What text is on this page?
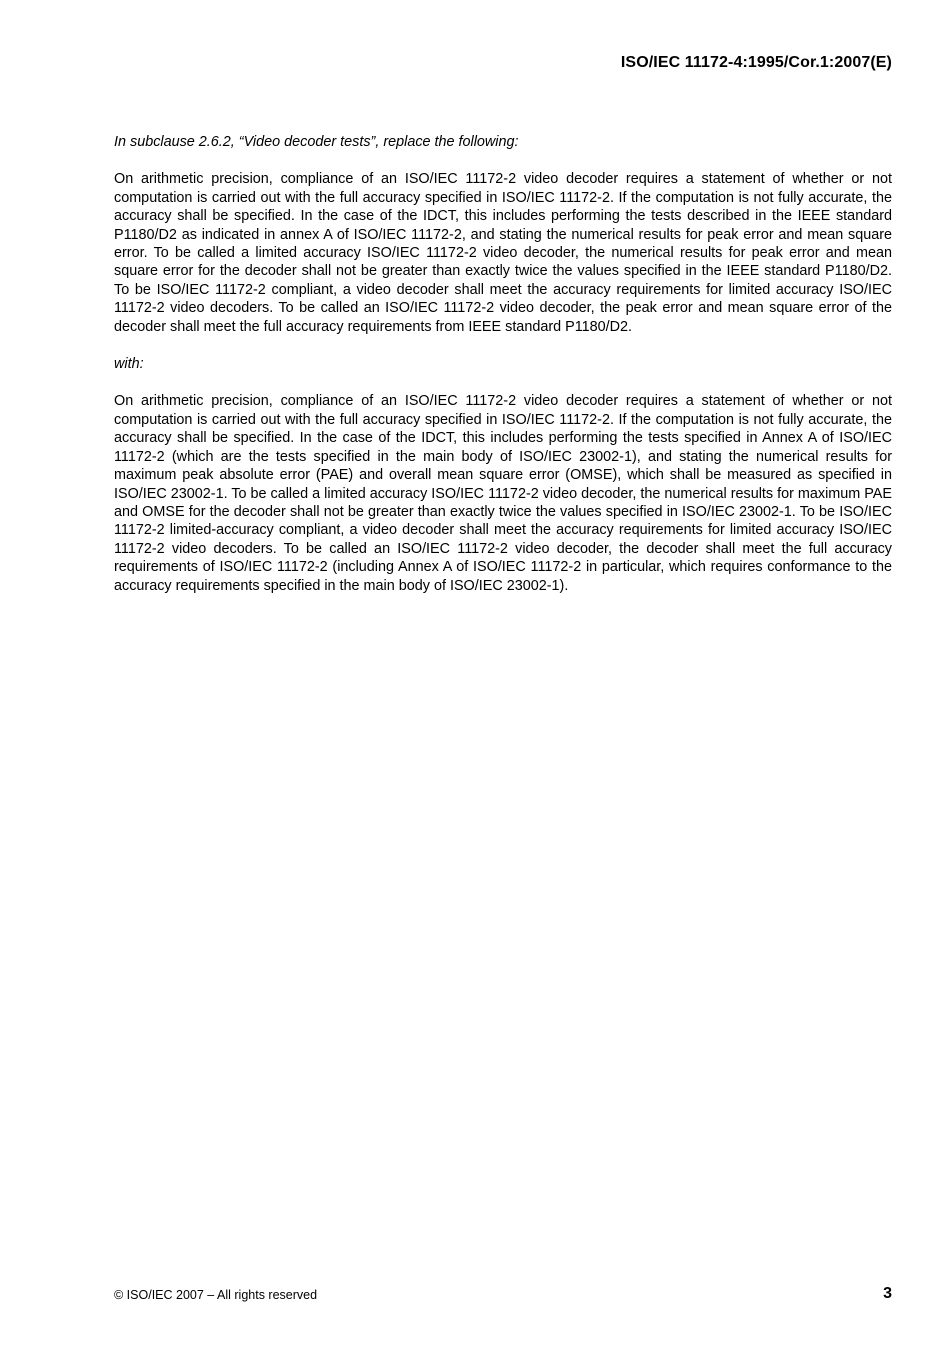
ISO/IEC 11172-4:1995/Cor.1:2007(E)

In subclause 2.6.2, “Video decoder tests”, replace the following:

On arithmetic precision, compliance of an ISO/IEC 11172-2 video decoder requires a statement of whether or not computation is carried out with the full accuracy specified in ISO/IEC 11172-2. If the computation is not fully accurate, the accuracy shall be specified. In the case of the IDCT, this includes performing the tests described in the IEEE standard P1180/D2 as indicated in annex A of ISO/IEC 11172-2, and stating the numerical results for peak error and mean square error. To be called a limited accuracy ISO/IEC 11172-2 video decoder, the numerical results for peak error and mean square error for the decoder shall not be greater than exactly twice the values specified in the IEEE standard P1180/D2. To be ISO/IEC 11172-2 compliant, a video decoder shall meet the accuracy requirements for limited accuracy ISO/IEC 11172-2 video decoders. To be called an ISO/IEC 11172-2 video decoder, the peak error and mean square error of the decoder shall meet the full accuracy requirements from IEEE standard P1180/D2.

with:

On arithmetic precision, compliance of an ISO/IEC 11172-2 video decoder requires a statement of whether or not computation is carried out with the full accuracy specified in ISO/IEC 11172-2. If the computation is not fully accurate, the accuracy shall be specified. In the case of the IDCT, this includes performing the tests specified in Annex A of ISO/IEC 11172-2 (which are the tests specified in the main body of ISO/IEC 23002-1), and stating the numerical results for maximum peak absolute error (PAE) and overall mean square error (OMSE), which shall be measured as specified in ISO/IEC 23002-1. To be called a limited accuracy ISO/IEC 11172-2 video decoder, the numerical results for maximum PAE and OMSE for the decoder shall not be greater than exactly twice the values specified in ISO/IEC 23002-1. To be ISO/IEC 11172-2 limited-accuracy compliant, a video decoder shall meet the accuracy requirements for limited accuracy ISO/IEC 11172-2 video decoders. To be called an ISO/IEC 11172-2 video decoder, the decoder shall meet the full accuracy requirements of ISO/IEC 11172-2 (including Annex A of ISO/IEC 11172-2 in particular, which requires conformance to the accuracy requirements specified in the main body of ISO/IEC 23002-1).

© ISO/IEC 2007 – All rights reserved	3
